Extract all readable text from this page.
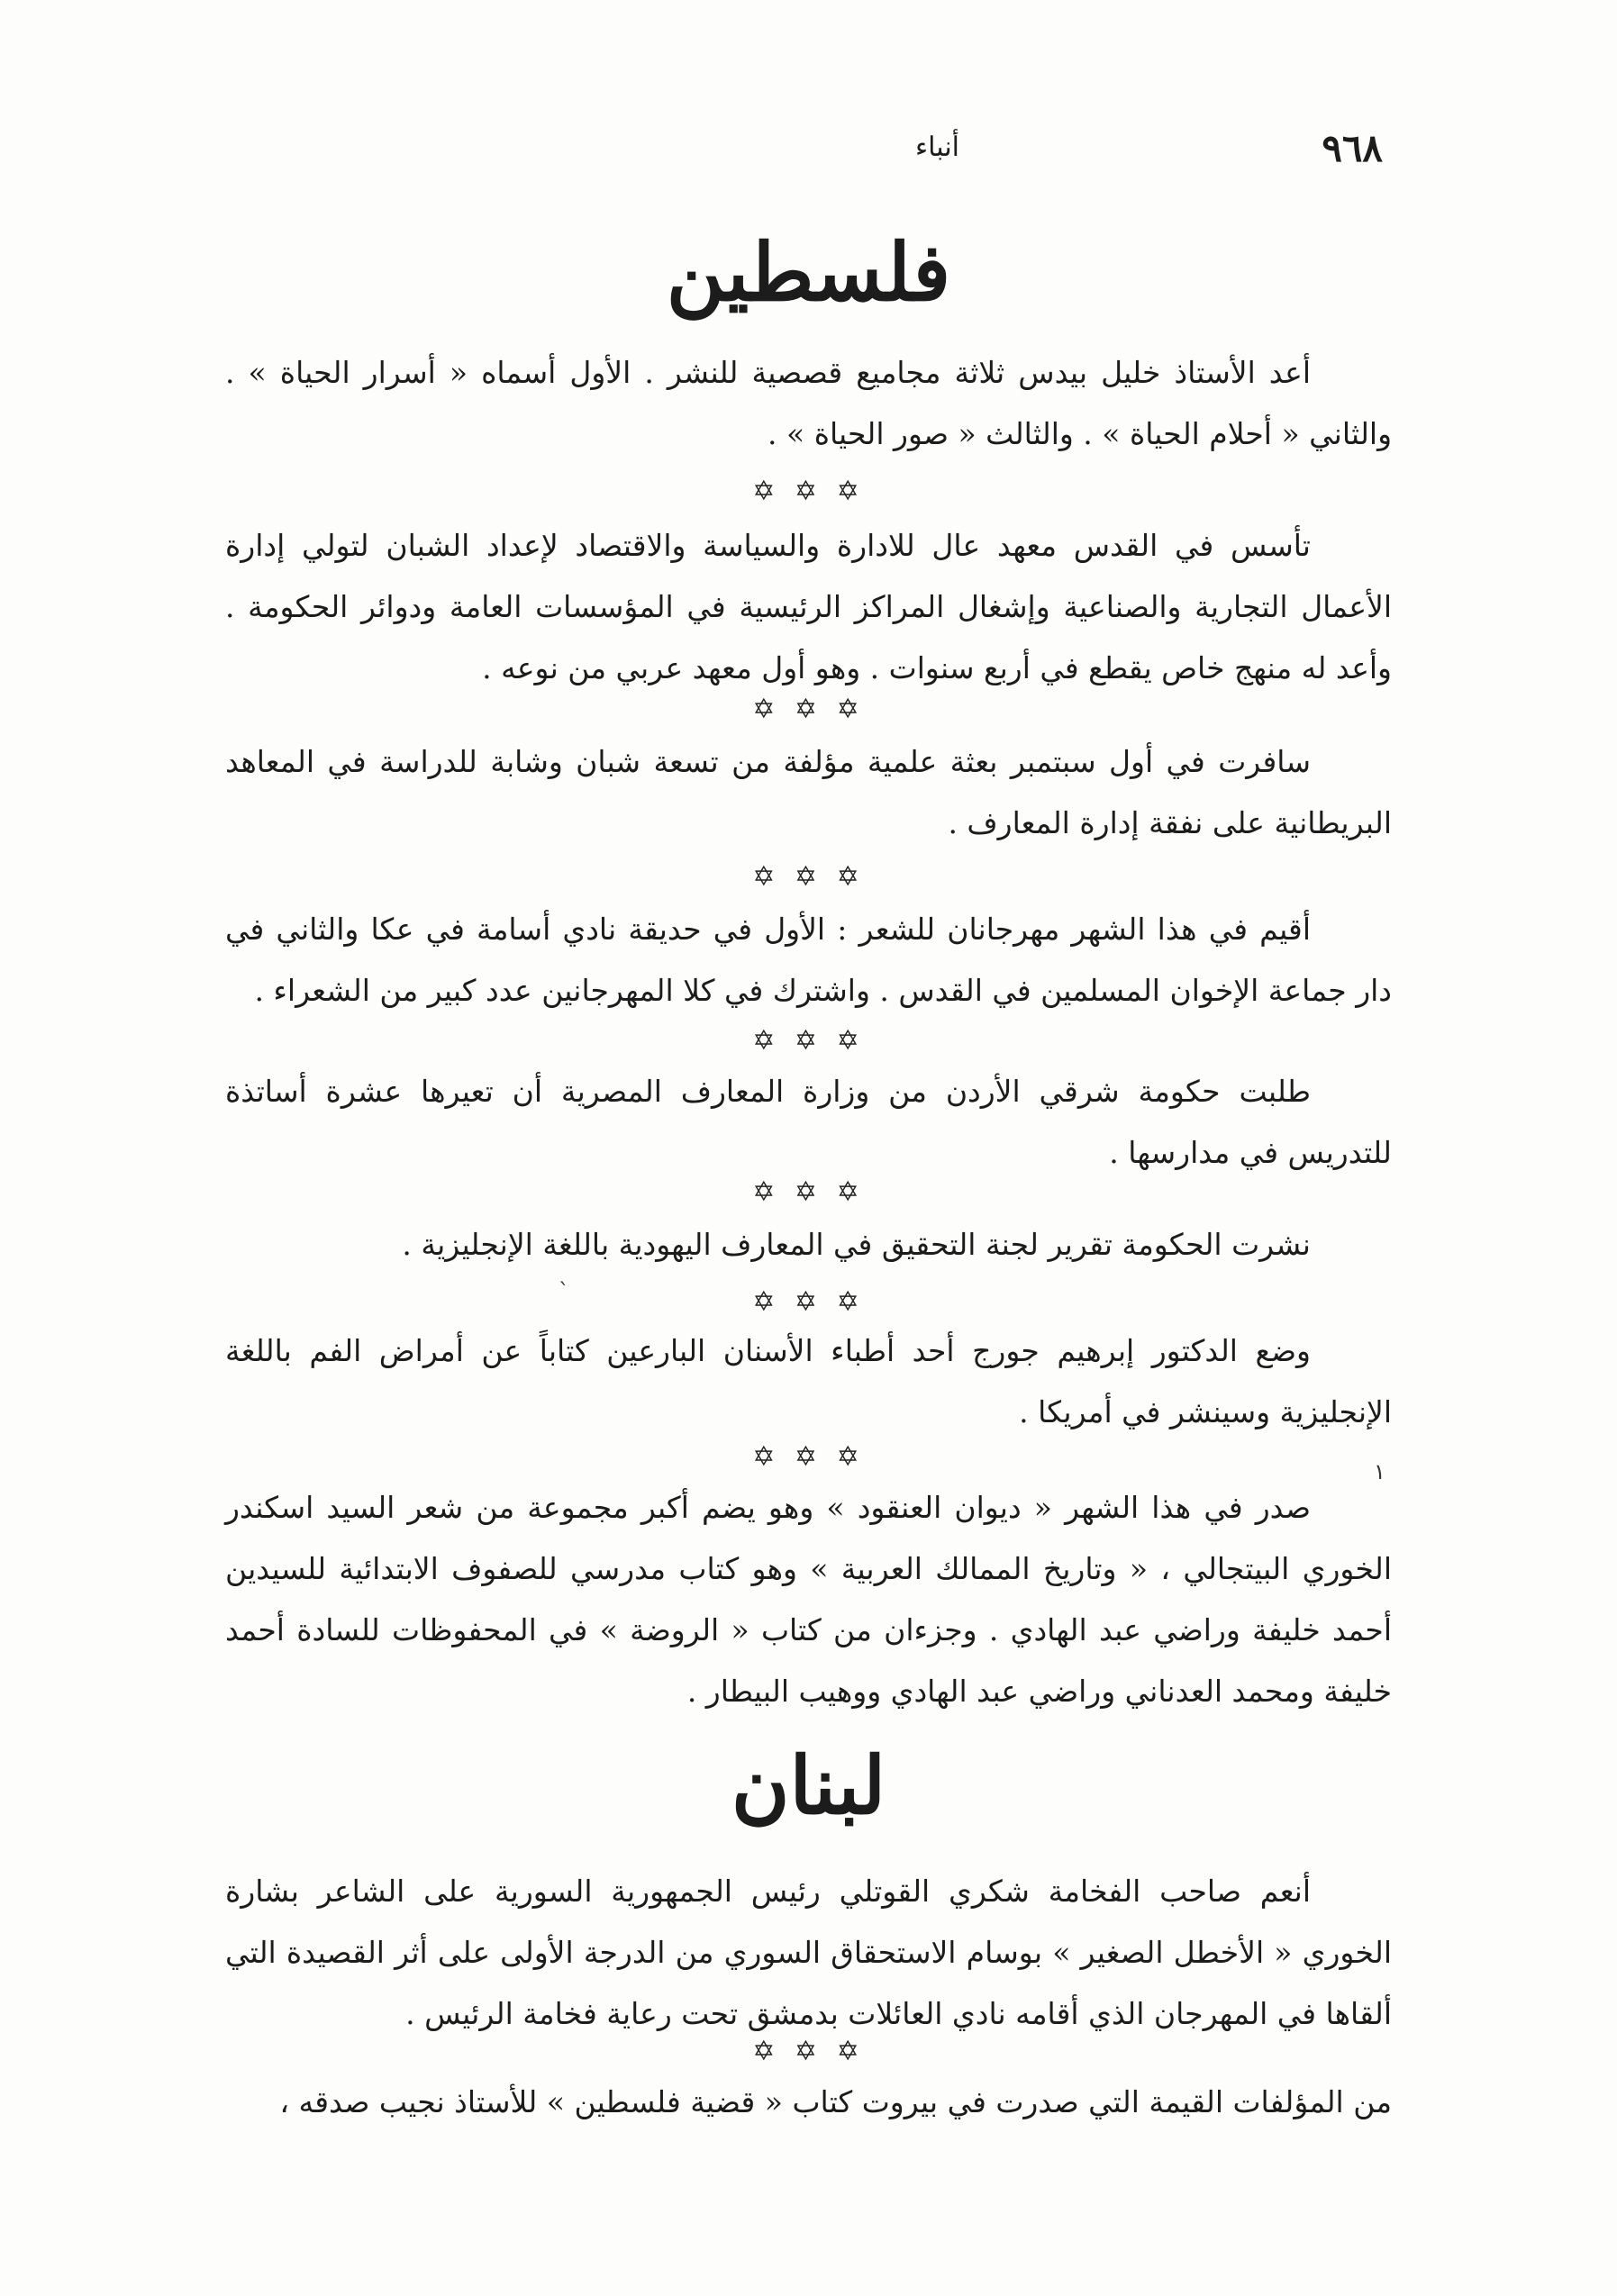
٩٦٨
أنباء
فلسطين

أعد الأستاذ خليل بيدس ثلاثة مجاميع قصصية للنشر . الأول أسماه « أسرار الحياة » . والثاني « أحلام الحياة » . والثالث « صور الحياة » .

✡ ✡ ✡

تأسس في القدس معهد عال للادارة والسياسة والاقتصاد لإعداد الشبان لتولي إدارة الأعمال التجارية والصناعية وإشغال المراكز الرئيسية في المؤسسات العامة ودوائر الحكومة . وأعد له منهج خاص يقطع في أربع سنوات . وهو أول معهد عربي من نوعه .

✡ ✡ ✡

سافرت في أول سبتمبر بعثة علمية مؤلفة من تسعة شبان وشابة للدراسة في المعاهد البريطانية على نفقة إدارة المعارف .

✡ ✡ ✡

أقيم في هذا الشهر مهرجانان للشعر : الأول في حديقة نادي أسامة في عكا والثاني في دار جماعة الإخوان المسلمين في القدس . واشترك في كلا المهرجانين عدد كبير من الشعراء .

✡ ✡ ✡

طلبت حكومة شرقي الأردن من وزارة المعارف المصرية أن تعيرها عشرة أساتذة للتدريس في مدارسها .

✡ ✡ ✡

نشرت الحكومة تقرير لجنة التحقيق في المعارف اليهودية باللغة الإنجليزية .

✡ ✡ ✡

وضع الدكتور إبرهيم جورج أحد أطباء الأسنان البارعين كتاباً عن أمراض الفم باللغة الإنجليزية وسينشر في أمريكا .

✡ ✡ ✡

صدر في هذا الشهر « ديوان العنقود » وهو يضم أكبر مجموعة من شعر السيد اسكندر الخوري البيتجالي ، « وتاريخ الممالك العربية » وهو كتاب مدرسي للصفوف الابتدائية للسيدين أحمد خليفة وراضي عبد الهادي . وجزءان من كتاب « الروضة » في المحفوظات للسادة أحمد خليفة ومحمد العدناني وراضي عبد الهادي ووهيب البيطار .

لبنان

أنعم صاحب الفخامة شكري القوتلي رئيس الجمهورية السورية على الشاعر بشارة الخوري « الأخطل الصغير » بوسام الاستحقاق السوري من الدرجة الأولى على أثر القصيدة التي ألقاها في المهرجان الذي أقامه نادي العائلات بدمشق تحت رعاية فخامة الرئيس .

✡ ✡ ✡

من المؤلفات القيمة التي صدرت في بيروت كتاب « قضية فلسطين » للأستاذ نجيب صدقه ،

`
١
